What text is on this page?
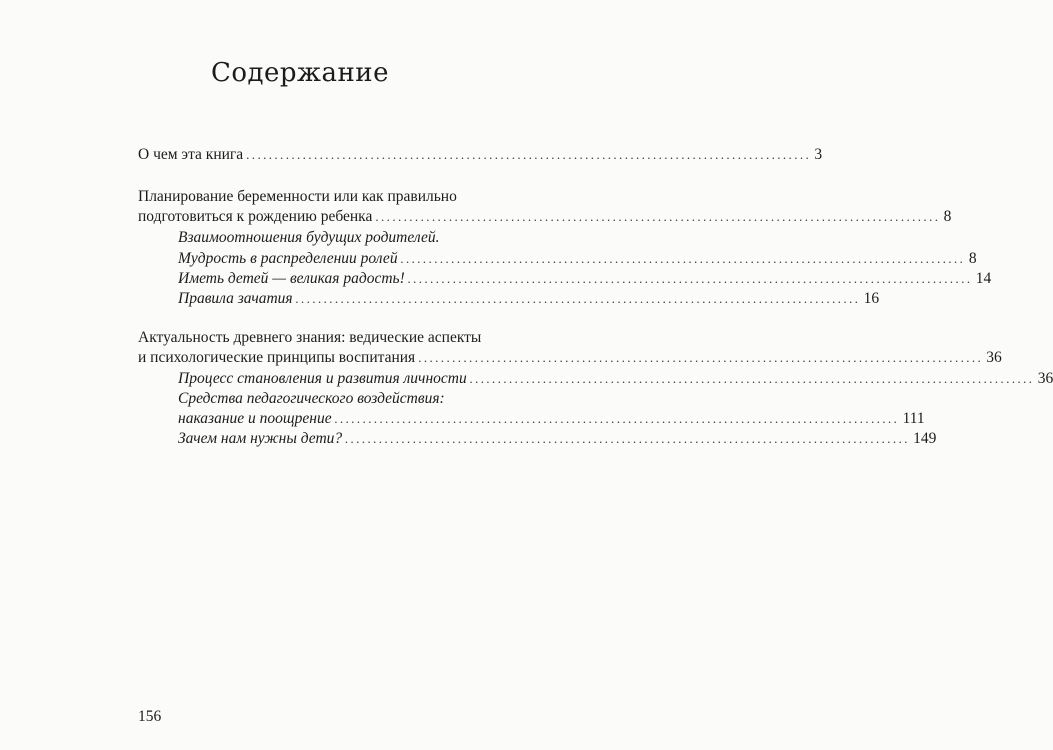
Содержание
О чем эта книга .................................................................................................... 3
Планирование беременности или как правильно
подготовиться к рождению ребенка .................................................................................................... 8
Взаимоотношения будущих родителей.
Мудрость в распределении ролей .................................................................................................... 8
Иметь детей — великая радость! .................................................................................................... 14
Правила зачатия .................................................................................................... 16
Актуальность древнего знания: ведические аспекты
и психологические принципы воспитания .................................................................................................... 36
Процесс становления и развития личности .................................................................................................... 36
Средства педагогического воздействия:
наказание и поощрение .................................................................................................... 111
Зачем нам нужны дети? .................................................................................................... 149
156
